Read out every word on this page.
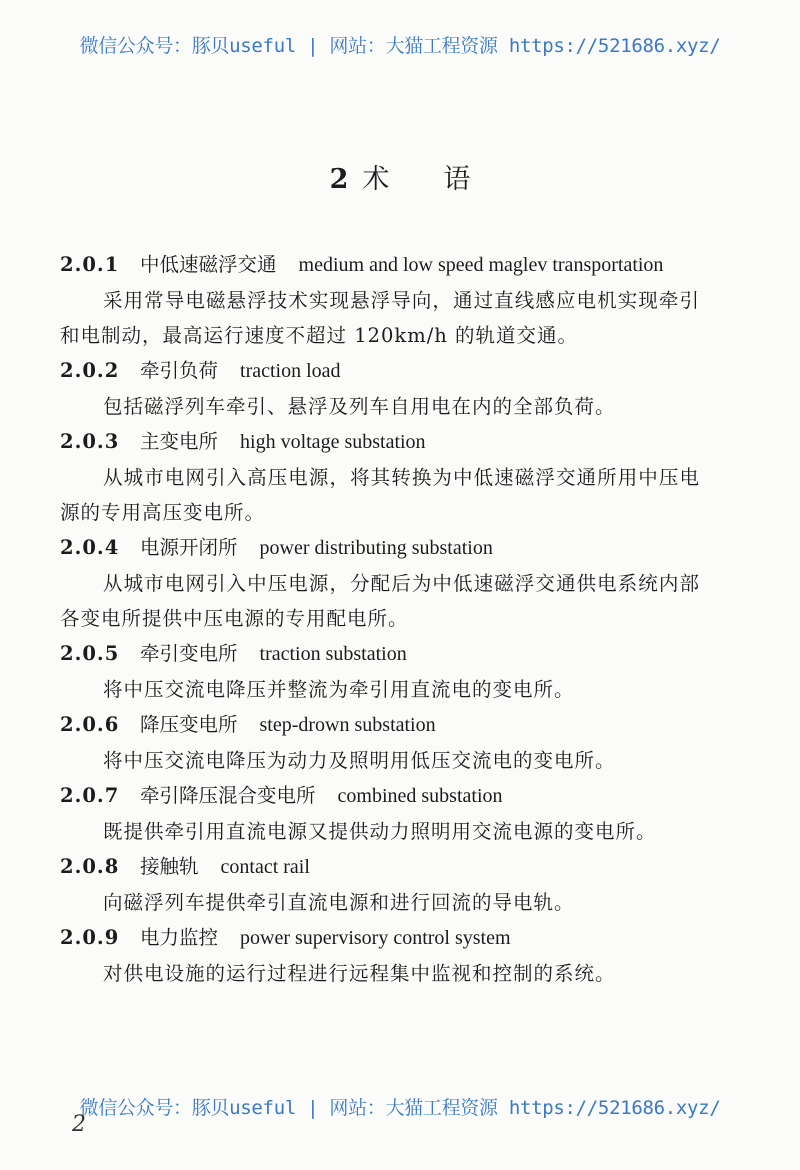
微信公众号：豚贝useful | 网站：大猫工程资源 https://521686.xyz/
2 术 语
2.0.1 中低速磁浮交通 medium and low speed maglev transportation

采用常导电磁悬浮技术实现悬浮导向，通过直线感应电机实现牵引和电制动，最高运行速度不超过 120km/h 的轨道交通。

2.0.2 牵引负荷 traction load

包括磁浮列车牵引、悬浮及列车自用电在内的全部负荷。

2.0.3 主变电所 high voltage substation

从城市电网引入高压电源，将其转换为中低速磁浮交通所用中压电源的专用高压变电所。

2.0.4 电源开闭所 power distributing substation

从城市电网引入中压电源，分配后为中低速磁浮交通供电系统内部各变电所提供中压电源的专用配电所。

2.0.5 牵引变电所 traction substation

将中压交流电降压并整流为牵引用直流电的变电所。

2.0.6 降压变电所 step-drown substation

将中压交流电降压为动力及照明用低压交流电的变电所。

2.0.7 牵引降压混合变电所 combined substation

既提供牵引用直流电源又提供动力照明用交流电源的变电所。

2.0.8 接触轨 contact rail

向磁浮列车提供牵引直流电源和进行回流的导电轨。

2.0.9 电力监控 power supervisory control system

对供电设施的运行过程进行远程集中监视和控制的系统。

微信公众号：豚贝useful | 网站：大猫工程资源 https://521686.xyz/
2
